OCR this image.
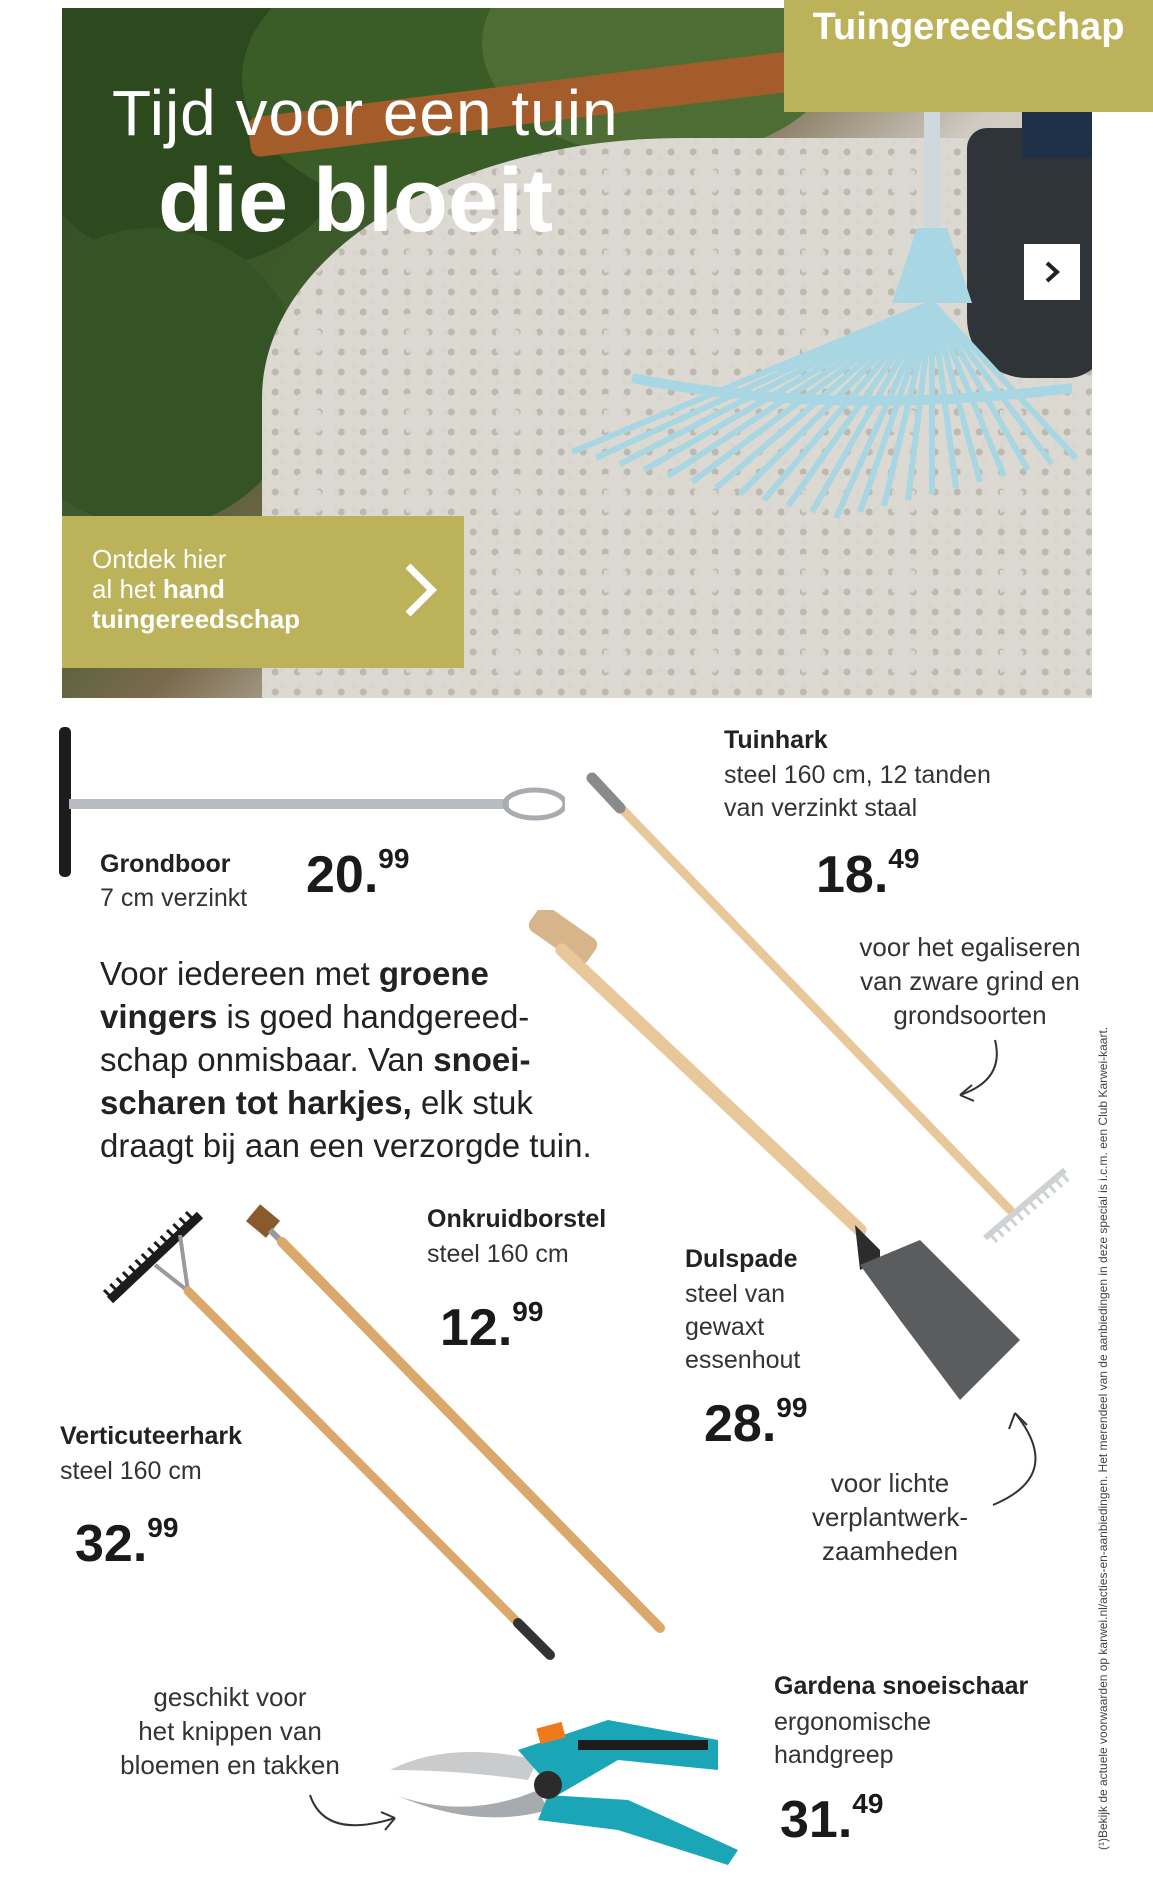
Tijd voor een tuin
die bloeit
Ontdek hier
al het hand
tuingereedschap
Tuingereedschap
Grondboor
7 cm verzinkt 20.99
Tuinhark
steel 160 cm, 12 tanden
van verzinkt staal
18.49
voor het egaliseren
van zware grind en
grondsoorten
Voor iedereen met groene
vingers is goed handgereed-
schap onmisbaar. Van snoei-
scharen tot harkjes, elk stuk
draagt bij aan een verzorgde tuin.
Dulspade
steel van
gewaxt
essenhout
28.99
voor lichte
verplantwerk-
zaamheden
Onkruidborstel
steel 160 cm
12.99
Verticuteerhark
steel 160 cm
32.99
geschikt voor
het knippen van
bloemen en takken
Gardena snoeischaar
ergonomische
handgreep
31.49	(¹)Bekijk de actuele voorwaarden op karwei.nl/acties-en-aanbiedingen. Het merendeel van de aanbiedingen in deze special is i.c.m. een Club Karwei-kaart.
